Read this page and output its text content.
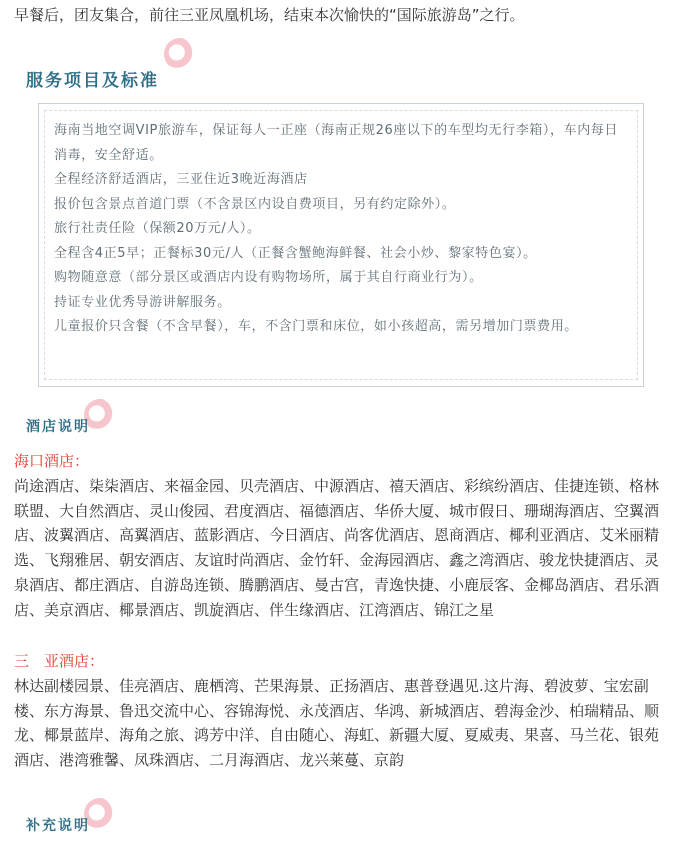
早餐后，团友集合，前往三亚凤凰机场，结束本次愉快的“国际旅游岛”之行。

服务项目及标准

海南当地空调VIP旅游车，保证每人一正座（海南正规26座以下的车型均无行李箱），车内每日消毒，安全舒适。

全程经济舒适酒店，三亚住近3晚近海酒店

报价包含景点首道门票（不含景区内设自费项目，另有约定除外）。

旅行社责任险（保额20万元/人）。

全程含4正5早；正餐标30元/人（正餐含蟹鲍海鲜餐、社会小炒、黎家特色宴）。

购物随意意（部分景区或酒店内设有购物场所，属于其自行商业行为）。

持证专业优秀导游讲解服务。

儿童报价只含餐（不含早餐），车，不含门票和床位，如小孩超高，需另增加门票费用。

酒店说明
海口酒店：

尚途酒店、柒柒酒店、来福金园、贝壳酒店、中源酒店、禧天酒店、彩缤纷酒店、佳捷连锁、格林联盟、大自然酒店、灵山俊园、君度酒店、福德酒店、华侨大厦、城市假日、珊瑚海酒店、空翼酒店、波翼酒店、高翼酒店、蓝影酒店、今日酒店、尚客优酒店、恩商酒店、椰利亚酒店、艾米丽精选、飞翔雅居、朝安酒店、友谊时尚酒店、金竹轩、金海园酒店、鑫之湾酒店、骏龙快捷酒店、灵泉酒店、都庄酒店、自游岛连锁、腾鹏酒店、曼古宫，青逸快捷、小鹿辰客、金椰岛酒店、君乐酒店、美京酒店、椰景酒店、凯旋酒店、伴生缘酒店、江湾酒店、锦江之星

三　亚酒店：

林达副楼园景、佳亮酒店、鹿栖湾、芒果海景、正扬酒店、惠普登遇见.这片海、碧波萝、宝宏副楼、东方海景、鲁迅交流中心、容锦海悦、永茂酒店、华鸿、新城酒店、碧海金沙、柏瑞精品、顺龙、椰景蓝岸、海角之旅、鸿芳中洋、自由随心、海虹、新疆大厦、夏威夷、果喜、马兰花、银苑酒店、港湾雅馨、凤珠酒店、二月海酒店、龙兴莱蔓、京韵

补充说明
